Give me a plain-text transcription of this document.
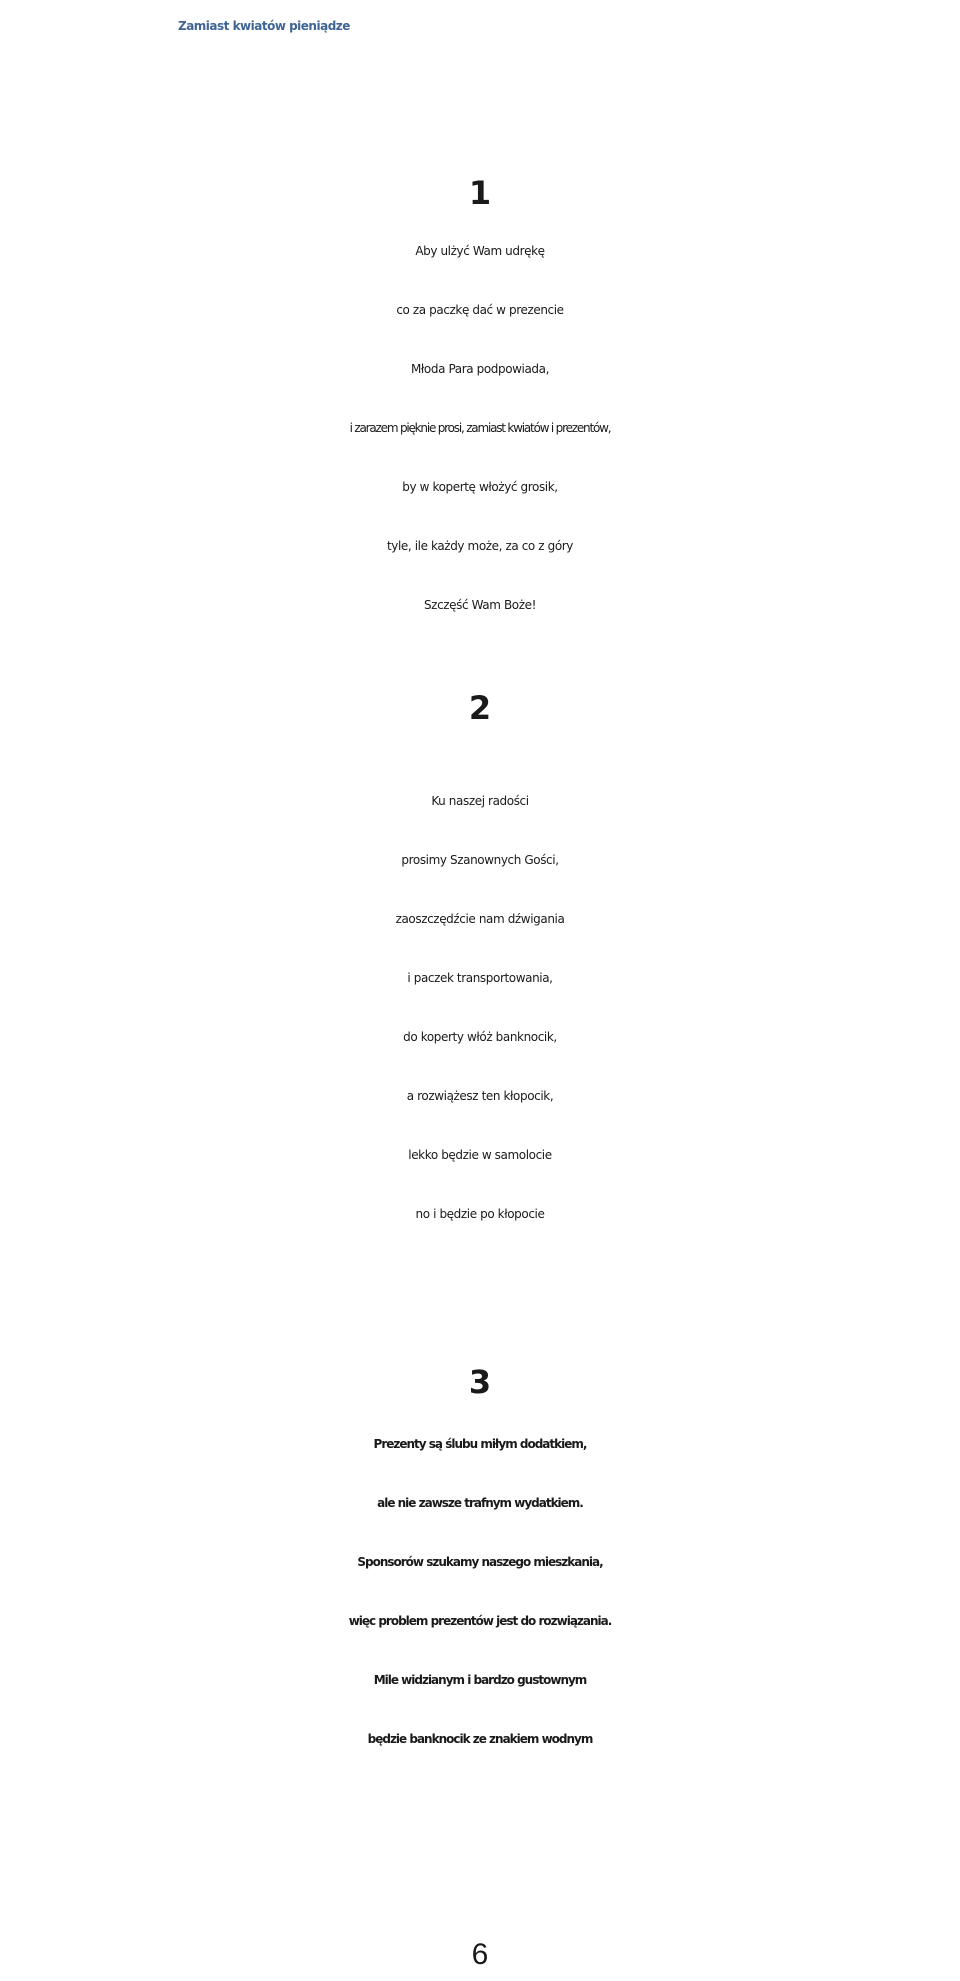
Zamiast kwiatów pieniądze
1
Aby ulżyć Wam udrękę
co za paczkę dać w prezencie
Młoda Para podpowiada,
i zarazem pięknie prosi, zamiast kwiatów i prezentów,
by w kopertę włożyć grosik,
tyle, ile każdy może, za co z góry
Szczęść Wam Boże!
2
Ku naszej radości
prosimy Szanownych Gości,
zaoszczędźcie nam dźwigania
i paczek transportowania,
do koperty włóż banknocik,
a rozwiążesz ten kłopocik,
lekko będzie w samolocie
no i będzie po kłopocie
3
Prezenty są ślubu miłym dodatkiem,
ale nie zawsze trafnym wydatkiem.
Sponsorów szukamy naszego mieszkania,
więc problem prezentów jest do rozwiązania.
Mile widzianym i bardzo gustownym
będzie banknocik ze znakiem wodnym
6
